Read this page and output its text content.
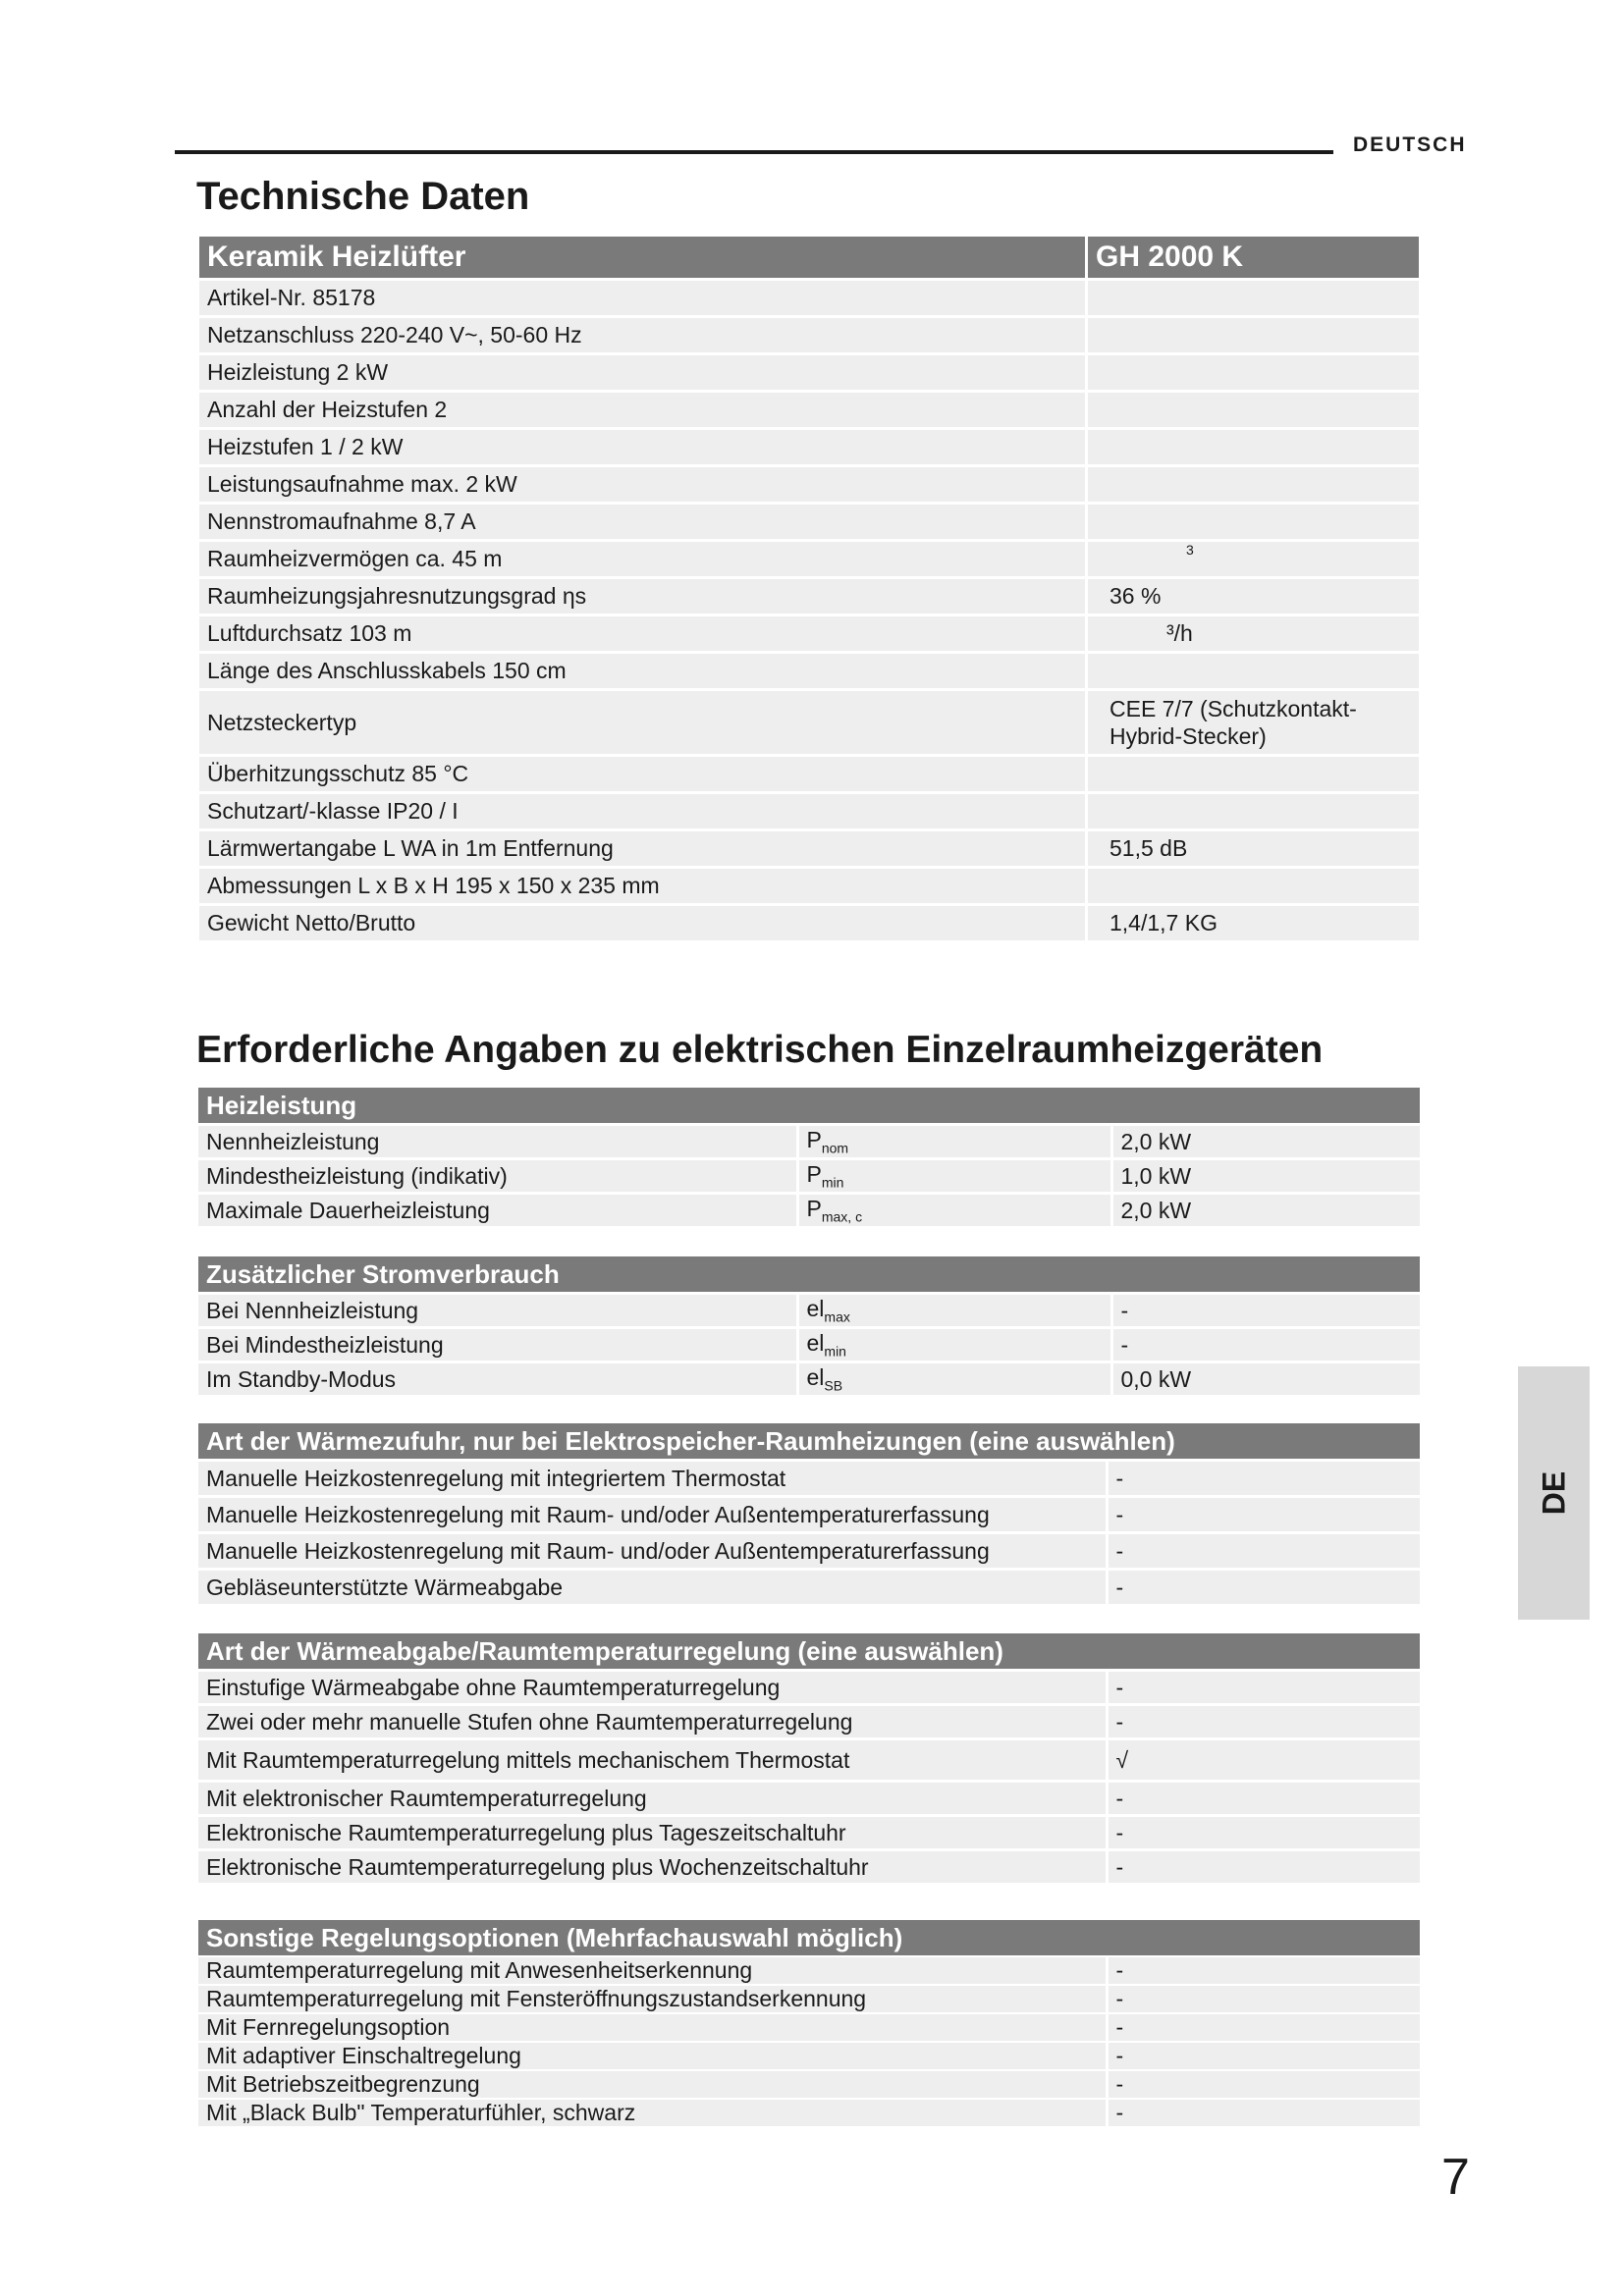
DEUTSCH
Technische Daten
Keramik Heizlüfter	GH 2000 K
Artikel-Nr. 85178	
Netzanschluss 220-240 V~, 50-60 Hz	
Heizleistung 2 kW	
Anzahl der Heizstufen 2	
Heizstufen 1 / 2 kW	
Leistungsaufnahme max. 2 kW	
Nennstromaufnahme 8,7 A	
Raumheizvermögen ca. 45 m	3
Raumheizungsjahresnutzungsgrad ηs	36 %
Luftdurchsatz 103 m	³/h
Länge des Anschlusskabels 150 cm	
Netzsteckertyp	CEE 7/7 (Schutzkontakt-Hybrid-Stecker)
Überhitzungsschutz 85 °C	
Schutzart/-klasse IP20 / I	
Lärmwertangabe L WA in 1m Entfernung	51,5 dB
Abmessungen L x B x H 195 x 150 x 235 mm	
Gewicht Netto/Brutto	1,4/1,7 KG
Erforderliche Angaben zu elektrischen Einzelraumheizgeräten
Heizleistung		
Nennheizleistung	$P_{nom}$	2,0 kW
Mindestheizleistung (indikativ)	$P_{min}$	1,0 kW
Maximale Dauerheizleistung	$P_{max, c}$	2,0 kW
Zusätzlicher Stromverbrauch		
Bei Nennheizleistung	$el_{max}$	-
Bei Mindestheizleistung	$el_{min}$	-
Im Standby-Modus	$el_{SB}$	0,0 kW
Art der Wärmezufuhr, nur bei Elektrospeicher-Raumheizungen (eine auswählen)	
Manuelle Heizkostenregelung mit integriertem Thermostat	-
Manuelle Heizkostenregelung mit Raum- und/oder Außentemperaturerfassung	-
Manuelle Heizkostenregelung mit Raum- und/oder Außentemperaturerfassung	-
Gebläseunterstützte Wärmeabgabe	-
Art der Wärmeabgabe/Raumtemperaturregelung (eine auswählen)	
Einstufige Wärmeabgabe ohne Raumtemperaturregelung	-
Zwei oder mehr manuelle Stufen ohne Raumtemperaturregelung	-
Mit Raumtemperaturregelung mittels mechanischem Thermostat	√
Mit elektronischer Raumtemperaturregelung	-
Elektronische Raumtemperaturregelung plus Tageszeitschaltuhr	-
Elektronische Raumtemperaturregelung plus Wochenzeitschaltuhr	-
Sonstige Regelungsoptionen (Mehrfachauswahl möglich)	
Raumtemperaturregelung mit Anwesenheitserkennung	-
Raumtemperaturregelung mit Fensteröffnungszustandserkennung	-
Mit Fernregelungsoption	-
Mit adaptiver Einschaltregelung	-
Mit Betriebszeitbegrenzung	-
Mit „Black Bulb" Temperaturfühler, schwarz	-
DE
7
